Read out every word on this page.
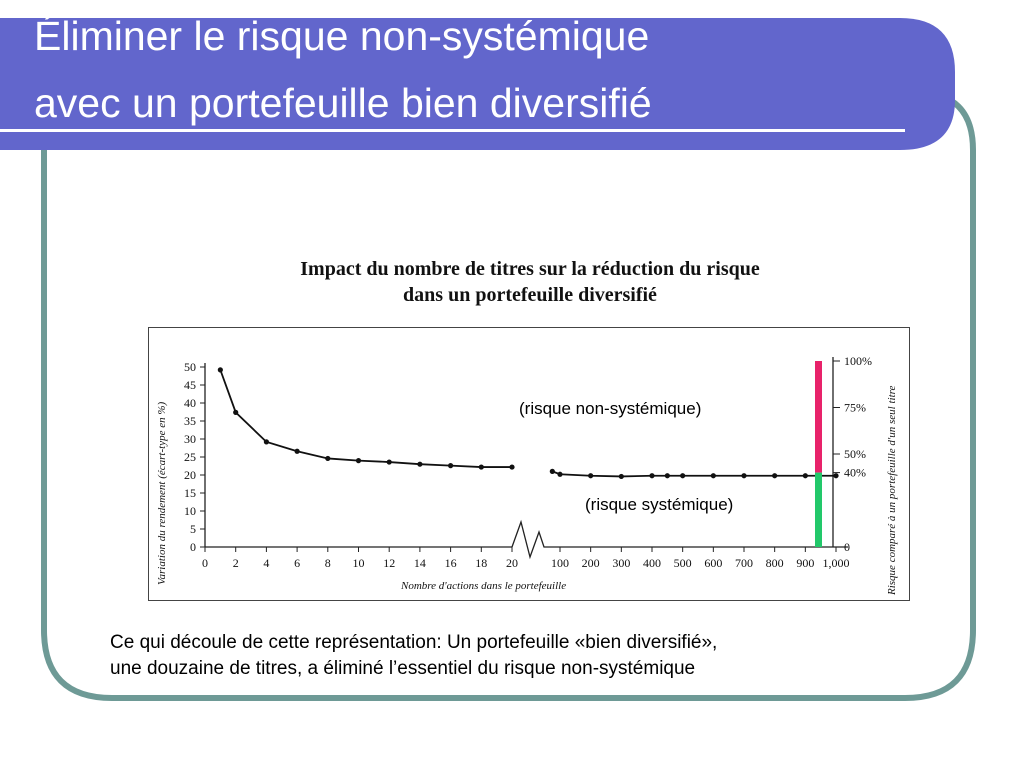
Éliminer le risque non-systémique
avec un portefeuille bien diversifié
Impact du nombre de titres sur la réduction du risque
dans un portefeuille diversifié
0
5
10
15
20
25
30
35
40
45
50
0 2 4 6 8 10 12 14 16 18 20	100 200 300 400 500 600 700 800 900 1,000
100%
75%
50%
40%
0
Variation du rendement (écart-type en %)	Risque comparé à un portefeuille d'un seul titre
Nombre d'actions dans le portefeuille
(risque non-systémique)
(risque systémique)
Ce qui découle de cette représentation: Un portefeuille «bien diversifié»,
une douzaine de titres, a éliminé l’essentiel du risque non-systémique
